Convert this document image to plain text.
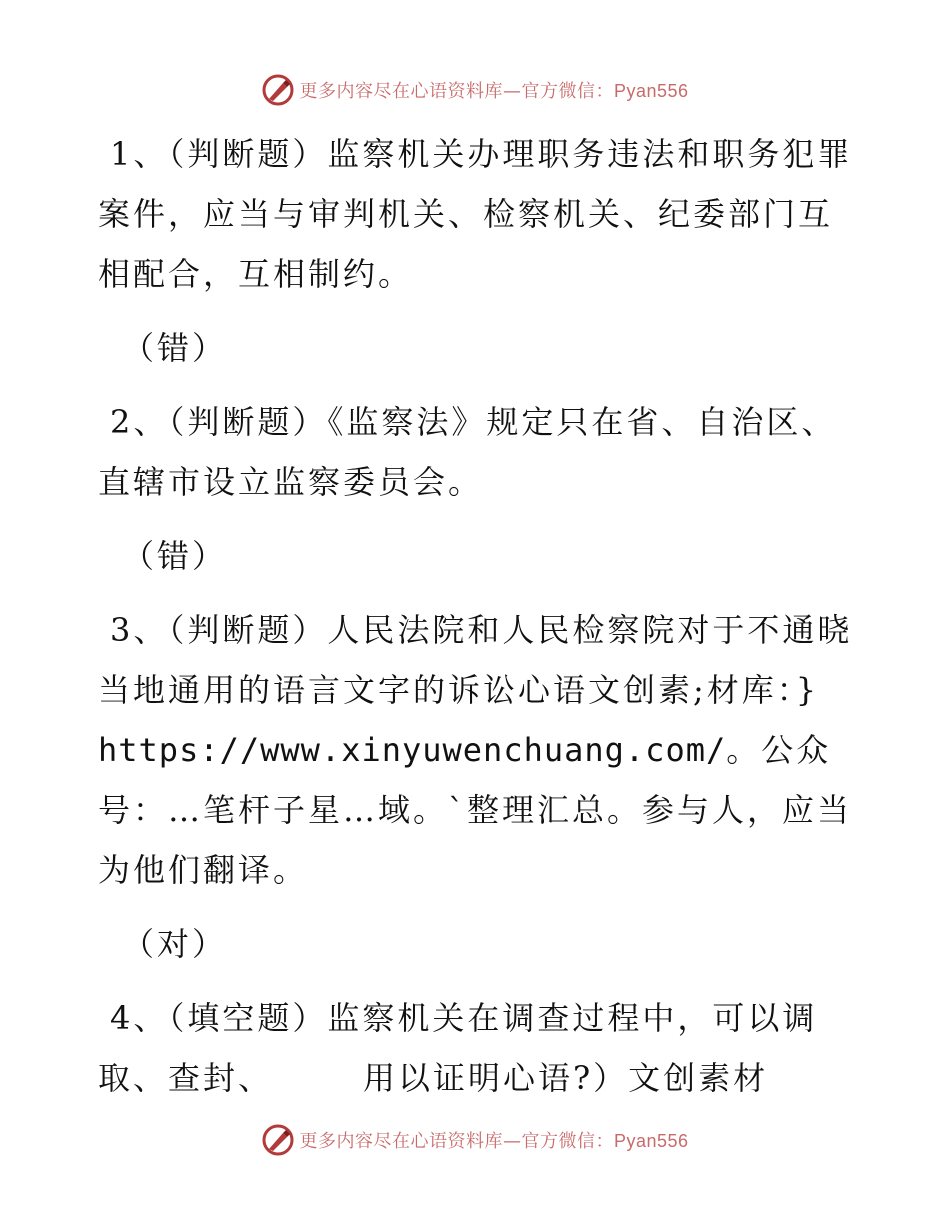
更多内容尽在心语资料库—官方微信：Pyan556

1、（判断题）监察机关办理职务违法和职务犯罪案件，应当与审判机关、检察机关、纪委部门互相配合，互相制约。

（错）

2、（判断题）《监察法》规定只在省、自治区、直辖市设立监察委员会。

（错）

3、（判断题）人民法院和人民检察院对于不通晓当地通用的语言文字的诉讼心语文创素;材库：}
https://www.xinyuwenchuang.com/。公众号：…笔杆子星…域。`整理汇总。参与人，应当为他们翻译。

（对）

4、（填空题）监察机关在调查过程中，可以调取、查封、	用以证明心语?）文创素材

更多内容尽在心语资料库—官方微信：Pyan556
